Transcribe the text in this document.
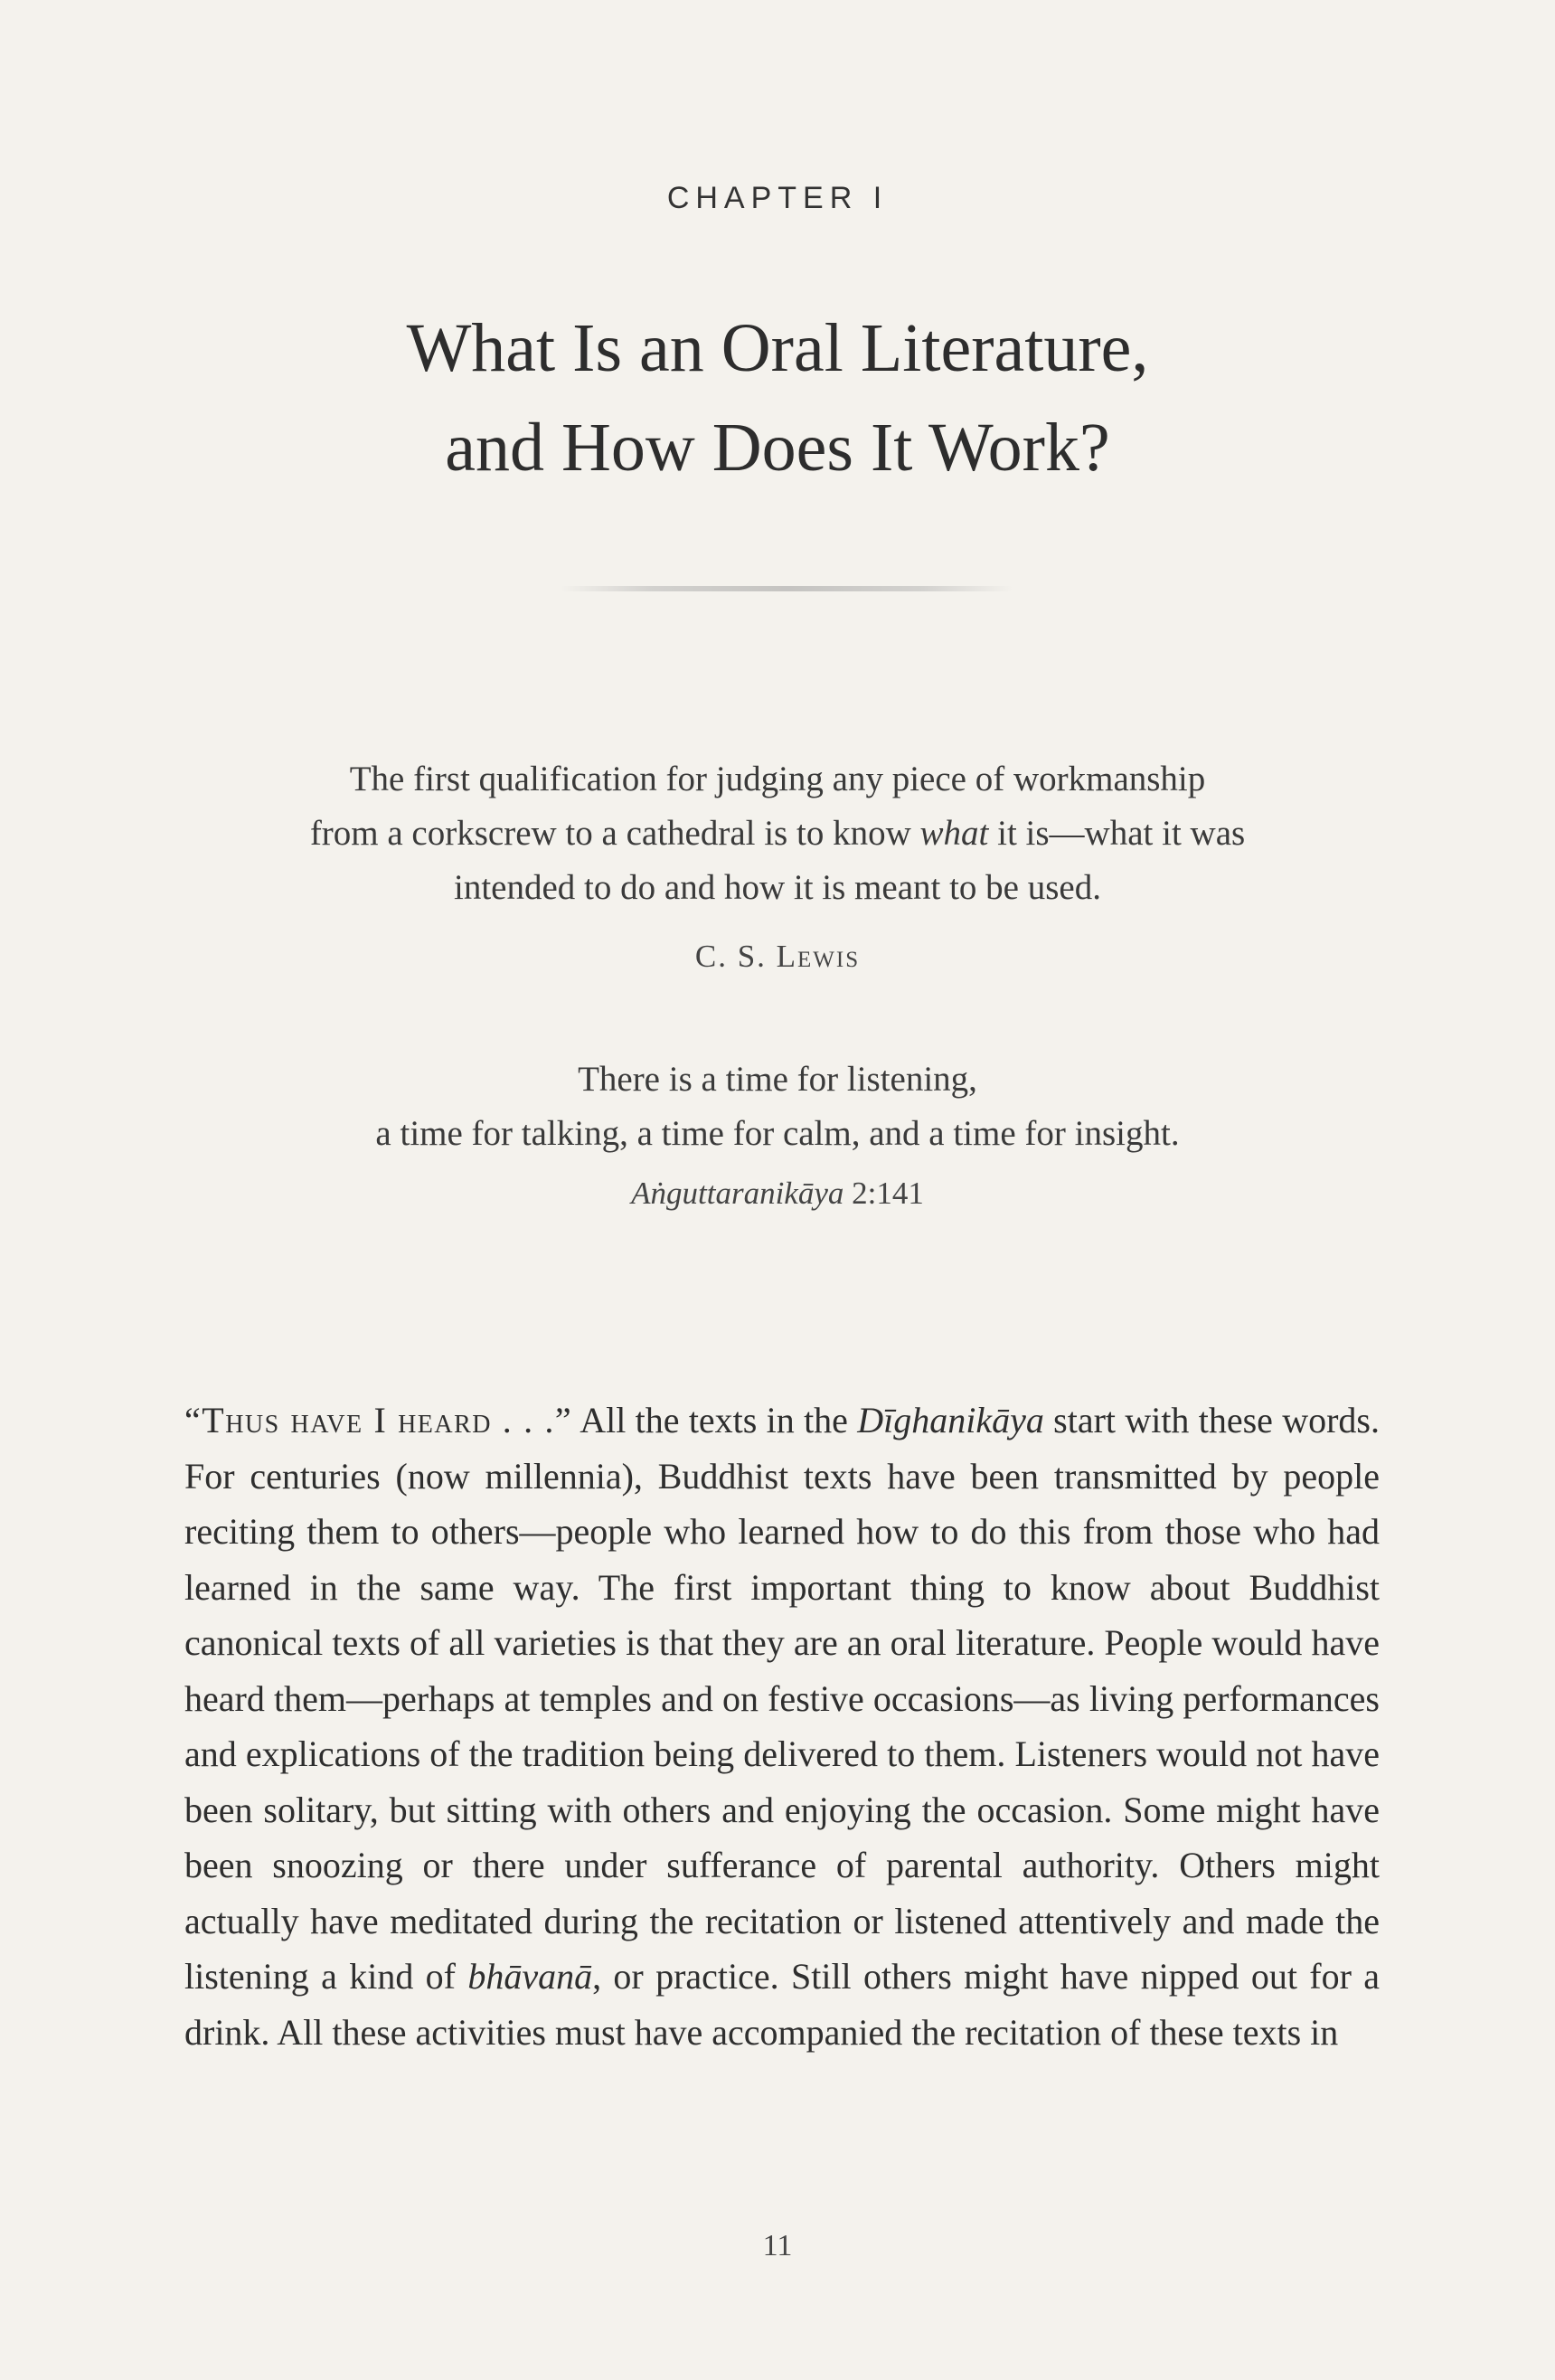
CHAPTER I
What Is an Oral Literature,
and How Does It Work?
The first qualification for judging any piece of workmanship
from a corkscrew to a cathedral is to know what it is—what it was
intended to do and how it is meant to be used.
C. S. Lewis
There is a time for listening,
a time for talking, a time for calm, and a time for insight.
Aṅguttaranikāya 2:141
“Thus have I heard . . .” All the texts in the Dīghanikāya start with these words. For centuries (now millennia), Buddhist texts have been transmitted by people reciting them to others—people who learned how to do this from those who had learned in the same way. The first important thing to know about Buddhist canonical texts of all varieties is that they are an oral literature. People would have heard them—perhaps at temples and on festive occasions—as living performances and explications of the tradition being delivered to them. Listeners would not have been solitary, but sitting with others and enjoying the occasion. Some might have been snoozing or there under sufferance of parental authority. Others might actually have meditated during the recitation or listened attentively and made the listening a kind of bhāvanā, or practice. Still others might have nipped out for a drink. All these activities must have accompanied the recitation of these texts in
11
